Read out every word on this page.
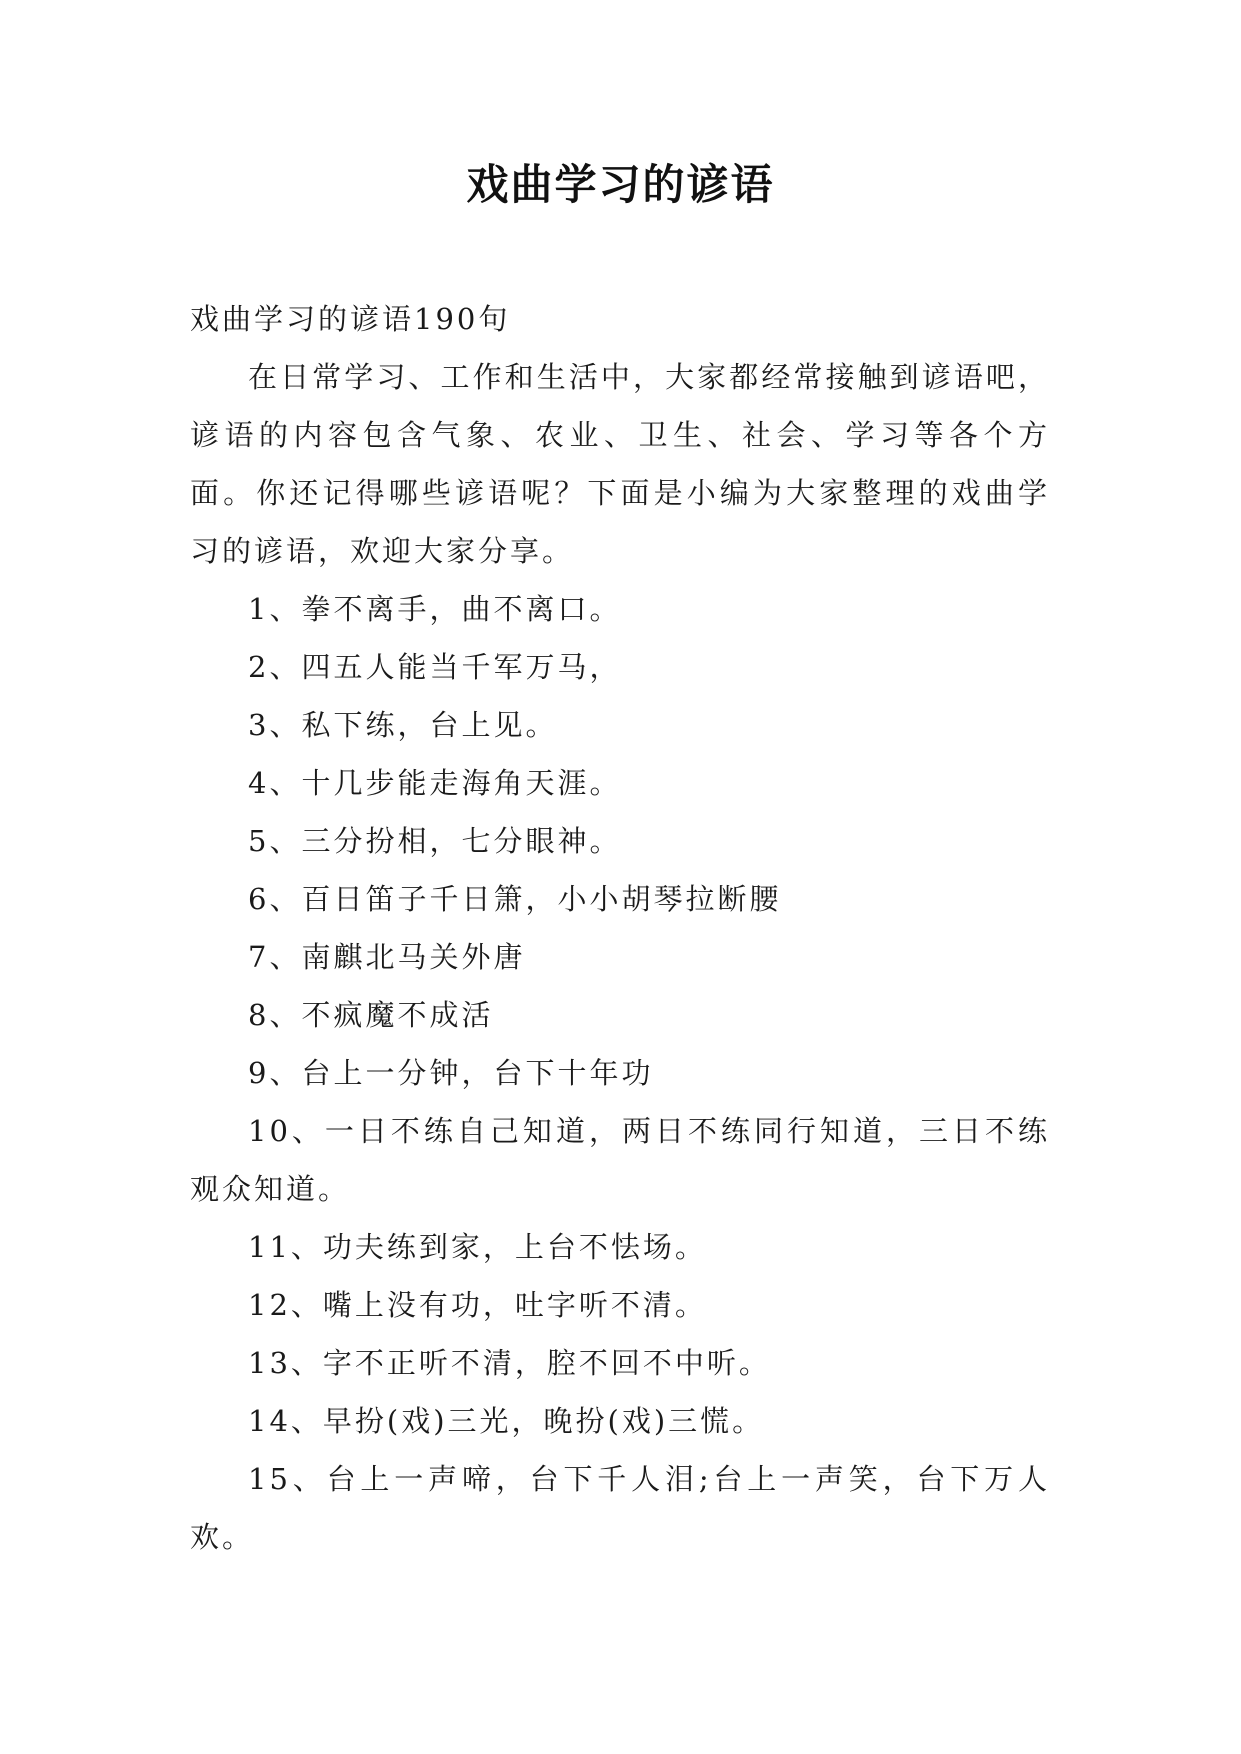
戏曲学习的谚语

戏曲学习的谚语190句

在日常学习、工作和生活中，大家都经常接触到谚语吧，谚语的内容包含气象、农业、卫生、社会、学习等各个方面。你还记得哪些谚语呢？下面是小编为大家整理的戏曲学习的谚语，欢迎大家分享。

1、拳不离手，曲不离口。

2、四五人能当千军万马，

3、私下练，台上见。

4、十几步能走海角天涯。

5、三分扮相，七分眼神。

6、百日笛子千日箫，小小胡琴拉断腰

7、南麒北马关外唐

8、不疯魔不成活

9、台上一分钟，台下十年功

10、一日不练自己知道，两日不练同行知道，三日不练观众知道。

11、功夫练到家，上台不怯场。

12、嘴上没有功，吐字听不清。

13、字不正听不清，腔不回不中听。

14、早扮(戏)三光，晚扮(戏)三慌。

15、台上一声啼，台下千人泪;台上一声笑，台下万人欢。
